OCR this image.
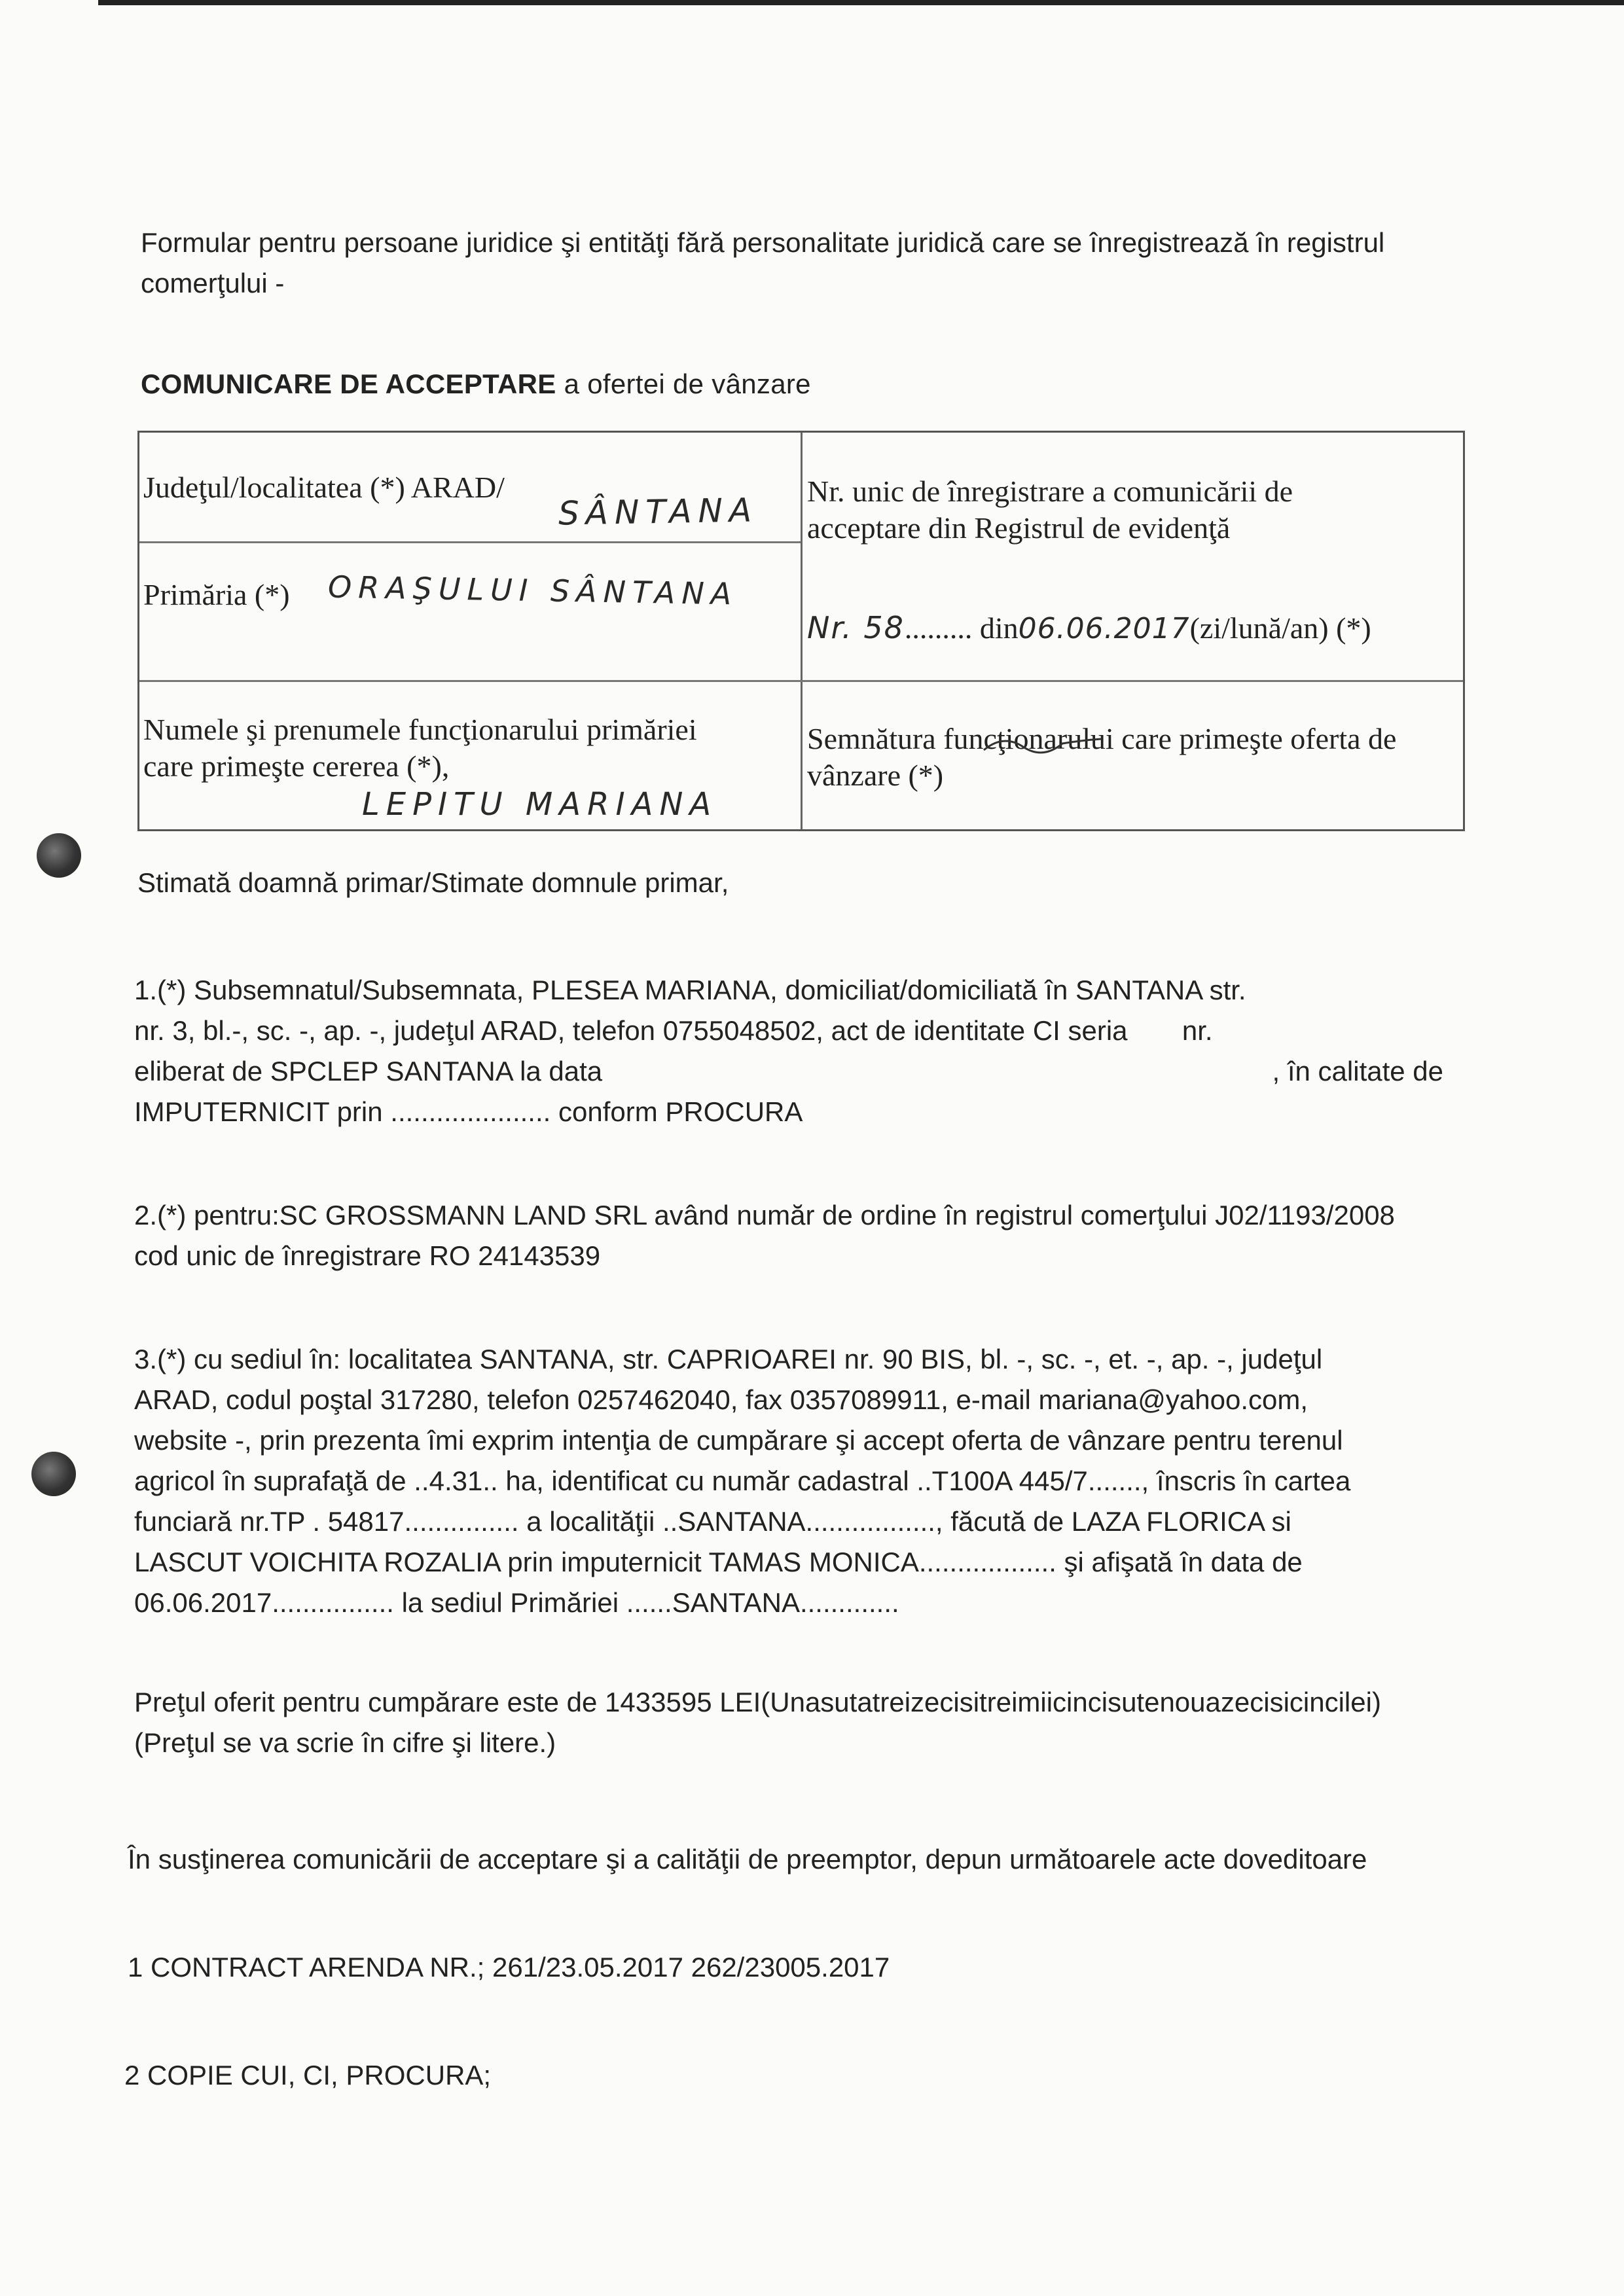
Formular pentru persoane juridice şi entităţi fără personalitate juridică care se înregistrează în registrul
comerţului -
COMUNICARE DE ACCEPTARE a ofertei de vânzare
Judeţul/localitatea (*) ARAD/
SÂNTANA
Primăria (*) ORAŞULUI SÂNTANA
Nr. unic de înregistrare a comunicării de
acceptare din Registrul de evidenţă
Nr. 58......... din06.06.2017(zi/lună/an) (*)
Numele şi prenumele funcţionarului primăriei
care primeşte cererea (*),
LEPITU MARIANA
Semnătura funcţionarului care primeşte oferta de
vânzare (*)
Stimată doamnă primar/Stimate domnule primar,
1.(*) Subsemnatul/Subsemnata, PLESEA MARIANA, domiciliat/domiciliată în SANTANA str.
nr. 3, bl.-, sc. -, ap. -, judeţul ARAD, telefon 0755048502, act de identitate CI seria nr.
eliberat de SPCLEP SANTANA la data	, în calitate de
IMPUTERNICIT prin ..................... conform PROCURA
2.(*) pentru:SC GROSSMANN LAND SRL având număr de ordine în registrul comerţului J02/1193/2008
cod unic de înregistrare RO 24143539
3.(*) cu sediul în: localitatea SANTANA, str. CAPRIOAREI nr. 90 BIS, bl. -, sc. -, et. -, ap. -, judeţul
ARAD, codul poştal 317280, telefon 0257462040, fax 0357089911, e-mail mariana@yahoo.com,
website -, prin prezenta îmi exprim intenţia de cumpărare şi accept oferta de vânzare pentru terenul
agricol în suprafaţă de ..4.31.. ha, identificat cu număr cadastral ..T100A 445/7......., înscris în cartea
funciară nr.TP . 54817............... a localităţii ..SANTANA................., făcută de LAZA FLORICA si
LASCUT VOICHITA ROZALIA prin imputernicit TAMAS MONICA.................. şi afişată în data de
06.06.2017................ la sediul Primăriei ......SANTANA.............
Preţul oferit pentru cumpărare este de 1433595 LEI(Unasutatreizecisitreimiicincisutenouazecisicincilei)
(Preţul se va scrie în cifre şi litere.)
În susţinerea comunicării de acceptare şi a calităţii de preemptor, depun următoarele acte doveditoare
1 CONTRACT ARENDA NR.; 261/23.05.2017 262/23005.2017
2 COPIE CUI, CI, PROCURA;
